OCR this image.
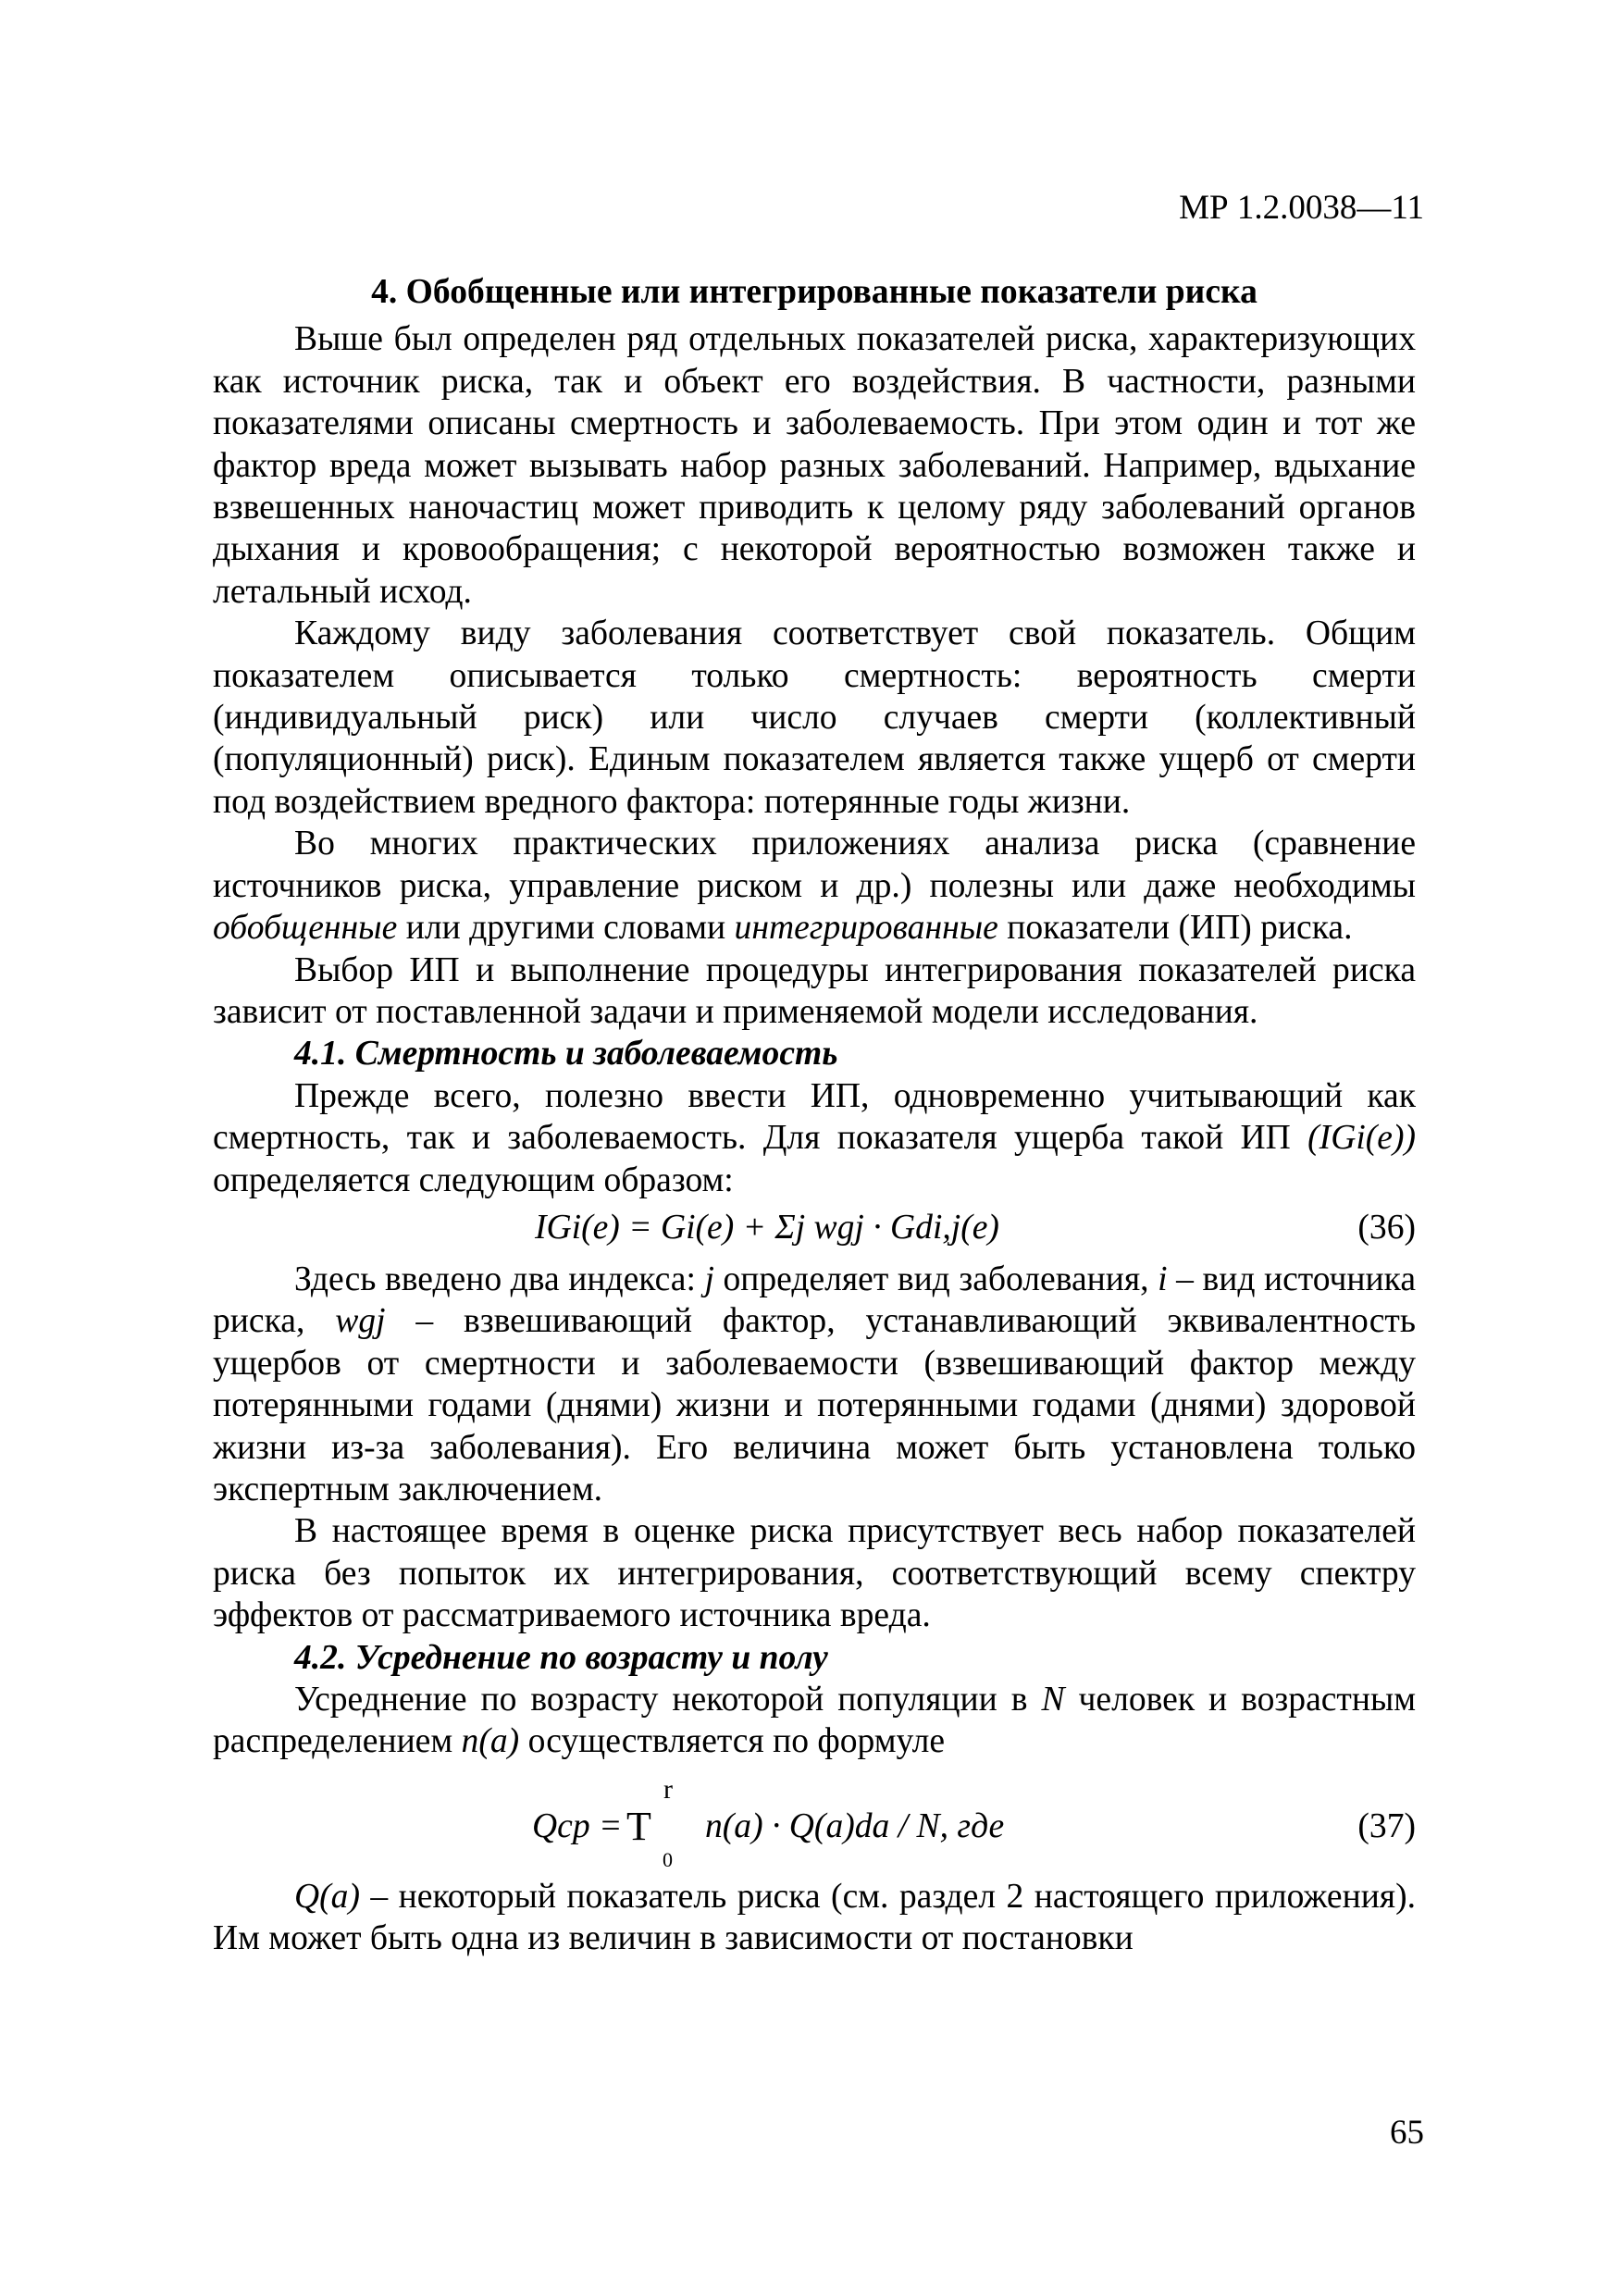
МР 1.2.0038—11
4. Обобщенные или интегрированные показатели риска

Выше был определен ряд отдельных показателей риска, характеризующих как источник риска, так и объект его воздействия. В частности, разными показателями описаны смертность и заболеваемость. При этом один и тот же фактор вреда может вызывать набор разных заболеваний. Например, вдыхание взвешенных наночастиц может приводить к целому ряду заболеваний органов дыхания и кровообращения; с некоторой вероятностью возможен также и летальный исход.

Каждому виду заболевания соответствует свой показатель. Общим показателем описывается только смертность: вероятность смерти (индивидуальный риск) или число случаев смерти (коллективный (популяционный) риск). Единым показателем является также ущерб от смерти под воздействием вредного фактора: потерянные годы жизни.

Во многих практических приложениях анализа риска (сравнение источников риска, управление риском и др.) полезны или даже необходимы обобщенные или другими словами интегрированные показатели (ИП) риска.

Выбор ИП и выполнение процедуры интегрирования показателей риска зависит от поставленной задачи и применяемой модели исследования.

4.1. Смертность и заболеваемость

Прежде всего, полезно ввести ИП, одновременно учитывающий как смертность, так и заболеваемость. Для показателя ущерба такой ИП (IGi(e)) определяется следующим образом:

IGi(e) = Gi(e) + Σj wgj · Gdi,j(e)	(36)

Здесь введено два индекса: j определяет вид заболевания, i – вид источника риска, wgj – взвешивающий фактор, устанавливающий эквивалентность ущербов от смертности и заболеваемости (взвешивающий фактор между потерянными годами (днями) жизни и потерянными годами (днями) здоровой жизни из-за заболевания). Его величина может быть установлена только экспертным заключением.

В настоящее время в оценке риска присутствует весь набор показателей риска без попыток их интегрирования, соответствующий всему спектру эффектов от рассматриваемого источника вреда.

4.2. Усреднение по возрасту и полу

Усреднение по возрасту некоторой популяции в N человек и возрастным распределением n(a) осуществляется по формуле

Qcp = T
r
0
n(a) · Q(a)da / N, где	(37)

Q(a) – некоторый показатель риска (см. раздел 2 настоящего приложения). Им может быть одна из величин в зависимости от постановки

65
